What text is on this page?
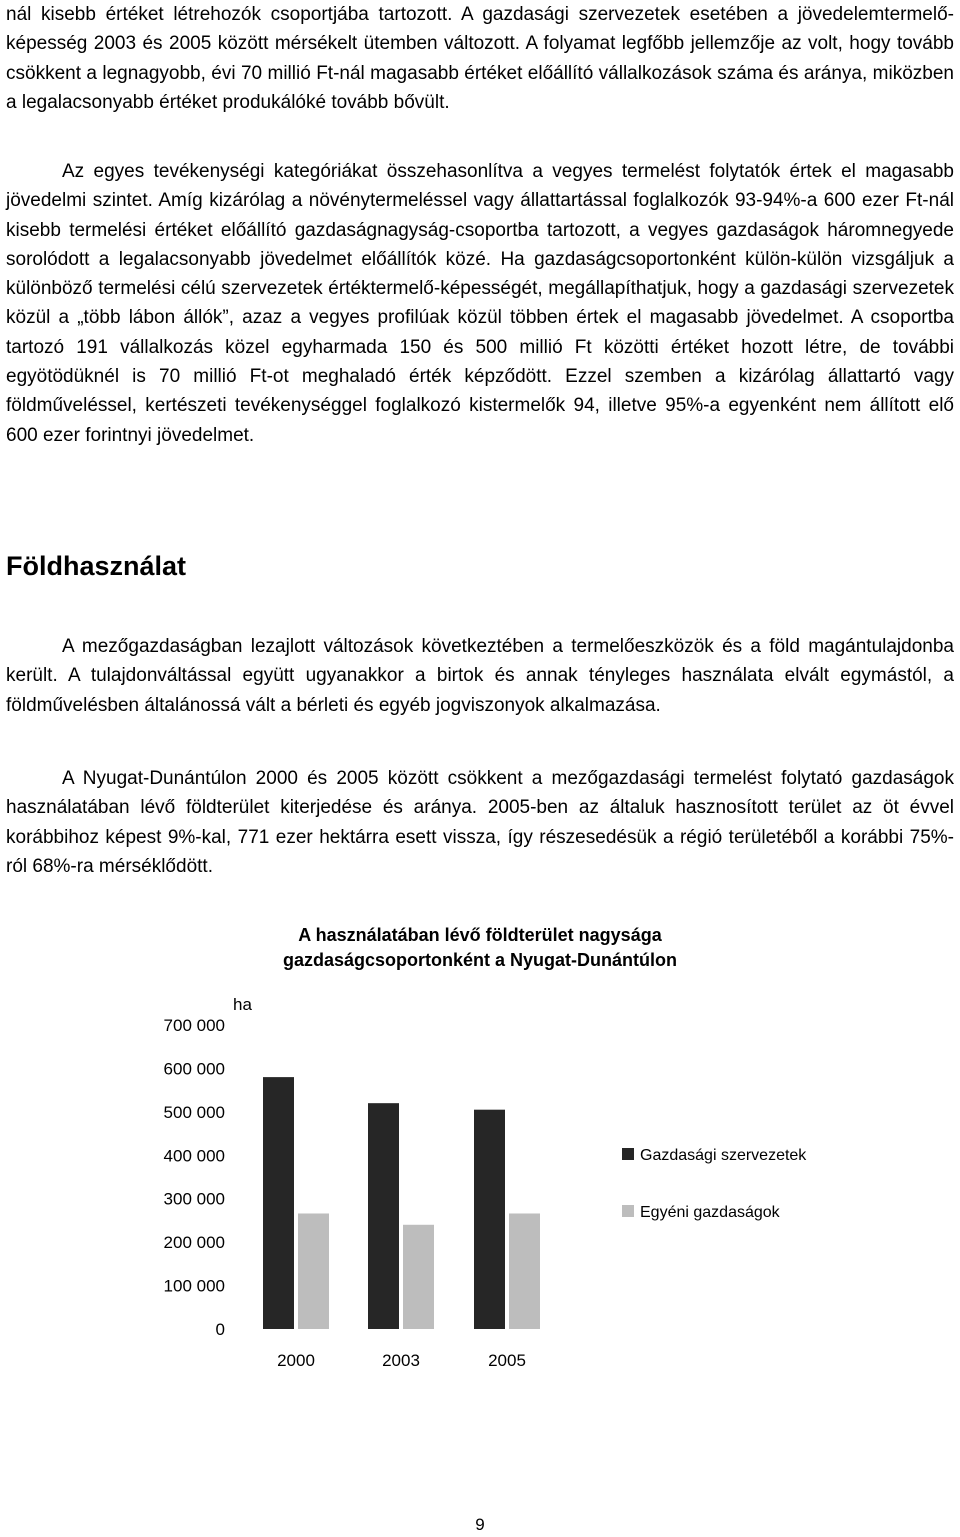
nál kisebb értéket létrehozók csoportjába tartozott. A gazdasági szervezetek esetében a jövedelemtermelő-képesség 2003 és 2005 között mérsékelt ütemben változott. A folyamat legfőbb jellemzője az volt, hogy tovább csökkent a legnagyobb, évi 70 millió Ft-nál magasabb értéket előállító vállalkozások száma és aránya, miközben a legalacsonyabb értéket produkálóké tovább bővült.

Az egyes tevékenységi kategóriákat összehasonlítva a vegyes termelést folytatók értek el magasabb jövedelmi szintet. Amíg kizárólag a növénytermeléssel vagy állattartással foglalkozók 93-94%-a 600 ezer Ft-nál kisebb termelési értéket előállító gazdaságnagyság-csoportba tartozott, a vegyes gazdaságok háromnegyede sorolódott a legalacsonyabb jövedelmet előállítók közé. Ha gazdaságcsoportonként külön-külön vizsgáljuk a különböző termelési célú szervezetek értéktermelő-képességét, megállapíthatjuk, hogy a gazdasági szervezetek közül a „több lábon állók”, azaz a vegyes profilúak közül többen értek el magasabb jövedelmet. A csoportba tartozó 191 vállalkozás közel egyharmada 150 és 500 millió Ft közötti értéket hozott létre, de további egyötödüknél is 70 millió Ft-ot meghaladó érték képződött. Ezzel szemben a kizárólag állattartó vagy földműveléssel, kertészeti tevékenységgel foglalkozó kistermelők 94, illetve 95%-a egyenként nem állított elő 600 ezer forintnyi jövedelmet.

Földhasználat

A mezőgazdaságban lezajlott változások következtében a termelőeszközök és a föld magántulajdonba került. A tulajdonváltással együtt ugyanakkor a birtok és annak tényleges használata elvált egymástól, a földművelésben általánossá vált a bérleti és egyéb jogviszonyok alkalmazása.

A Nyugat-Dunántúlon 2000 és 2005 között csökkent a mezőgazdasági termelést folytató gazdaságok használatában lévő földterület kiterjedése és aránya. 2005-ben az általuk hasznosított terület az öt évvel korábbihoz képest 9%-kal, 771 ezer hektárra esett vissza, így részesedésük a régió területéből a korábbi 75%-ról 68%-ra mérséklődött.

A használatában lévő földterület nagysága
gazdaságcsoportonként a Nyugat-Dunántúlon
ha
700 000
600 000
500 000
400 000
300 000
200 000
100 000
0
2000	2003	2005
Gazdasági szervezetek
Egyéni gazdaságok
9
